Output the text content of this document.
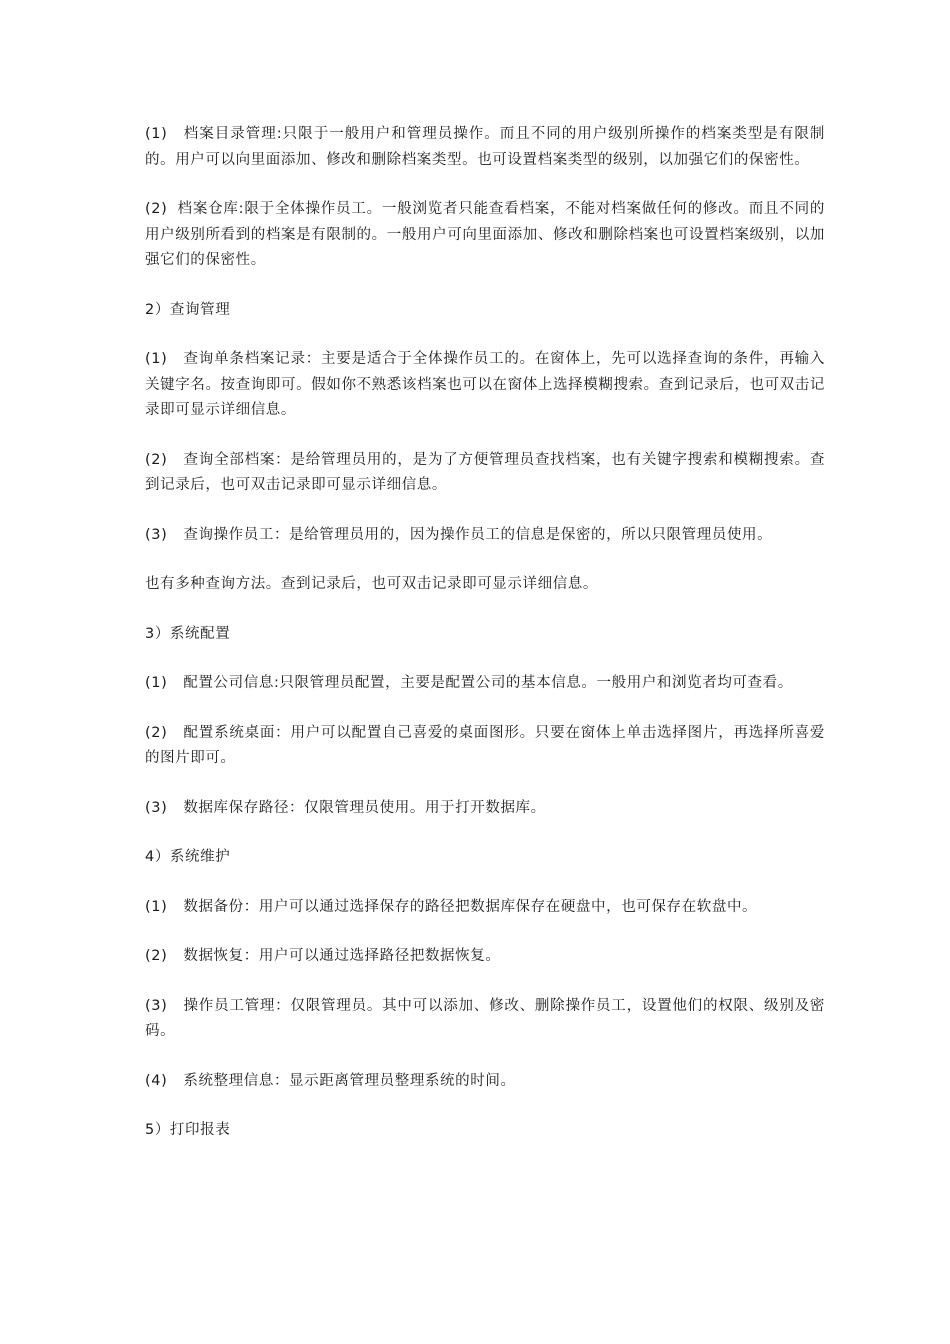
(1) 档案目录管理:只限于一般用户和管理员操作。而且不同的用户级别所操作的档案类型是有限制的。用户可以向里面添加、修改和删除档案类型。也可设置档案类型的级别，以加强它们的保密性。

(2) 档案仓库:限于全体操作员工。一般浏览者只能查看档案，不能对档案做任何的修改。而且不同的用户级别所看到的档案是有限制的。一般用户可向里面添加、修改和删除档案也可设置档案级别，以加强它们的保密性。

2）查询管理

(1) 查询单条档案记录：主要是适合于全体操作员工的。在窗体上，先可以选择查询的条件，再输入关键字名。按查询即可。假如你不熟悉该档案也可以在窗体上选择模糊搜索。查到记录后，也可双击记录即可显示详细信息。

(2) 查询全部档案：是给管理员用的，是为了方便管理员查找档案，也有关键字搜索和模糊搜索。查到记录后，也可双击记录即可显示详细信息。

(3) 查询操作员工：是给管理员用的，因为操作员工的信息是保密的，所以只限管理员使用。

也有多种查询方法。查到记录后，也可双击记录即可显示详细信息。

3）系统配置

(1) 配置公司信息:只限管理员配置，主要是配置公司的基本信息。一般用户和浏览者均可查看。

(2) 配置系统桌面：用户可以配置自己喜爱的桌面图形。只要在窗体上单击选择图片，再选择所喜爱的图片即可。

(3) 数据库保存路径：仅限管理员使用。用于打开数据库。

4）系统维护

(1) 数据备份：用户可以通过选择保存的路径把数据库保存在硬盘中，也可保存在软盘中。

(2) 数据恢复：用户可以通过选择路径把数据恢复。

(3) 操作员工管理：仅限管理员。其中可以添加、修改、删除操作员工，设置他们的权限、级别及密码。

(4) 系统整理信息：显示距离管理员整理系统的时间。

5）打印报表
